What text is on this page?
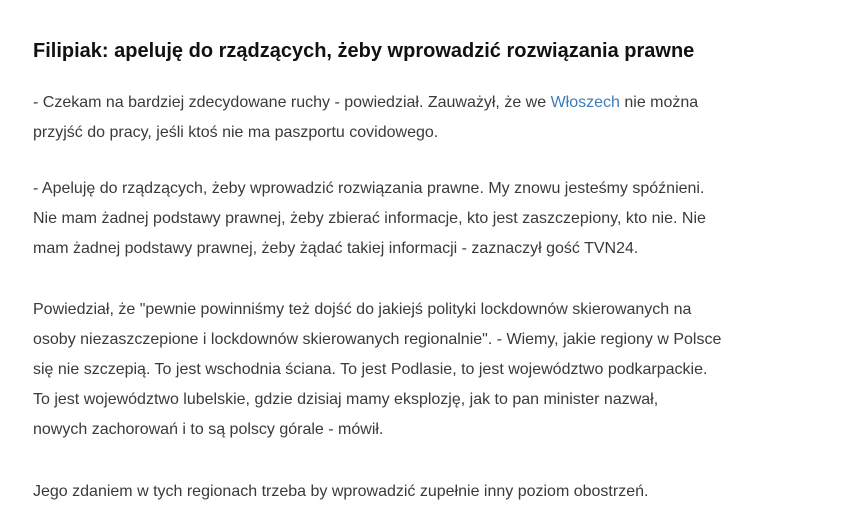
Filipiak: apeluję do rządzących, żeby wprowadzić rozwiązania prawne

- Czekam na bardziej zdecydowane ruchy - powiedział. Zauważył, że we Włoszech nie można
przyjść do pracy, jeśli ktoś nie ma paszportu covidowego.

- Apeluję do rządzących, żeby wprowadzić rozwiązania prawne. My znowu jesteśmy spóźnieni.
Nie mam żadnej podstawy prawnej, żeby zbierać informacje, kto jest zaszczepiony, kto nie. Nie
mam żadnej podstawy prawnej, żeby żądać takiej informacji - zaznaczył gość TVN24.

Powiedział, że "pewnie powinniśmy też dojść do jakiejś polityki lockdownów skierowanych na
osoby niezaszczepione i lockdownów skierowanych regionalnie". - Wiemy, jakie regiony w Polsce
się nie szczepią. To jest wschodnia ściana. To jest Podlasie, to jest województwo podkarpackie.
To jest województwo lubelskie, gdzie dzisiaj mamy eksplozję, jak to pan minister nazwał,
nowych zachorowań i to są polscy górale - mówił.

Jego zdaniem w tych regionach trzeba by wprowadzić zupełnie inny poziom obostrzeń.
